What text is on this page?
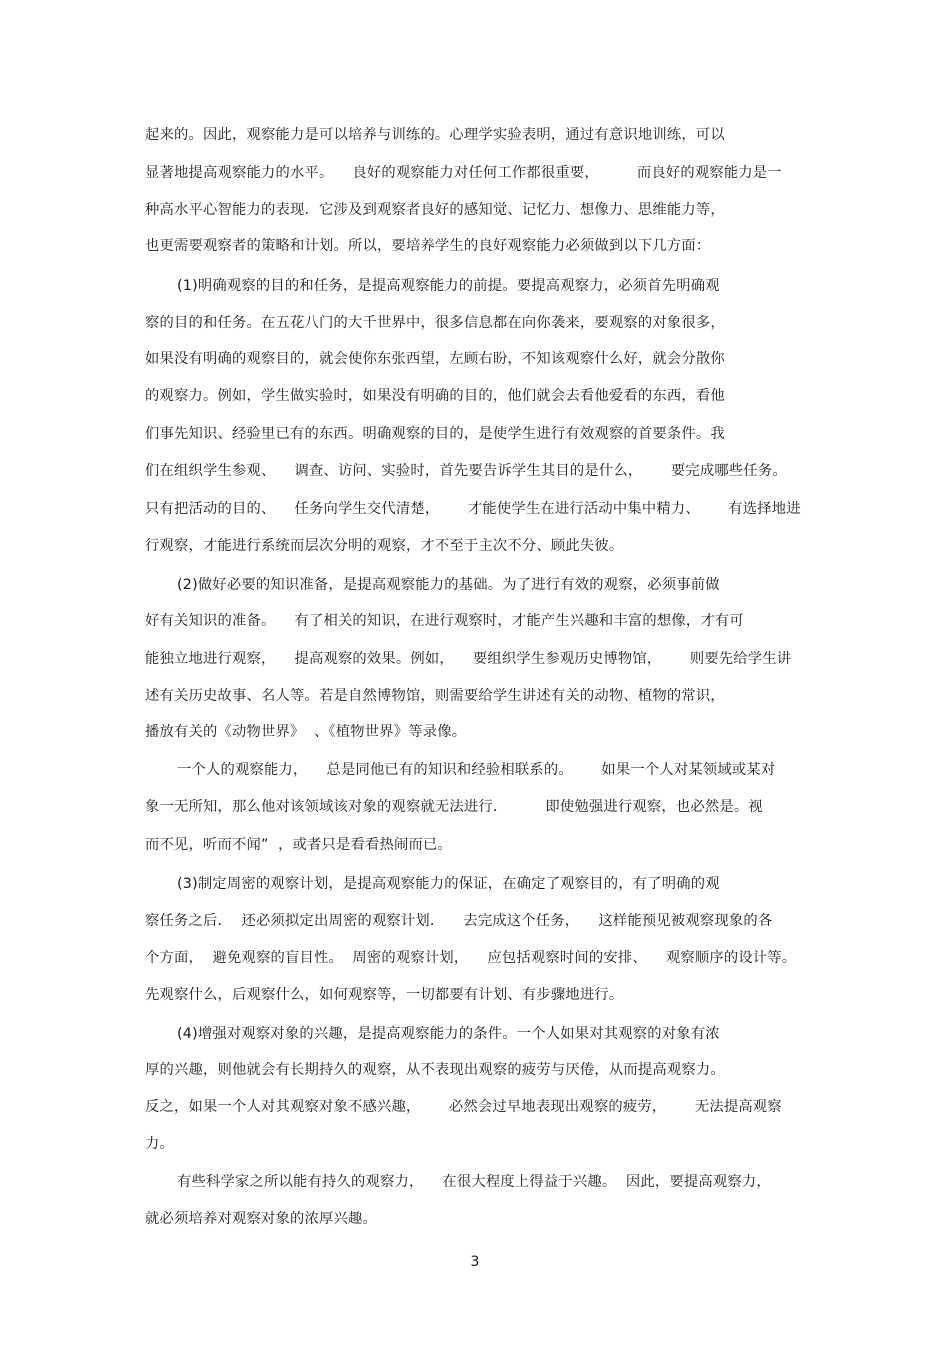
起来的。因此，观察能力是可以培养与训练的。心理学实验表明，通过有意识地训练，可以
显著地提高观察能力的水平。    良好的观察能力对任何工作都很重要，        而良好的观察能力是一
种高水平心智能力的表现．它涉及到观察者良好的感知觉、记忆力、想像力、思维能力等，
也更需要观察者的策略和计划。所以，要培养学生的良好观察能力必须做到以下几方面：
(1)明确观察的目的和任务，是提高观察能力的前提。要提高观察力，必须首先明确观
察的目的和任务。在五花八门的大千世界中，很多信息都在向你袭来，要观察的对象很多，
如果没有明确的观察目的，就会使你东张西望，左顾右盼，不知该观察什么好，就会分散你
的观察力。例如，学生做实验时，如果没有明确的目的，他们就会去看他爱看的东西，看他
们事先知识、经验里已有的东西。明确观察的目的，是使学生进行有效观察的首要条件。我
们在组织学生参观、    调查、访问、实验时，首先要告诉学生其目的是什么，      要完成哪些任务。
只有把活动的目的、    任务向学生交代清楚，      才能使学生在进行活动中集中精力、      有选择地进
行观察，才能进行系统而层次分明的观察，才不至于主次不分、顾此失彼。
(2)做好必要的知识准备，是提高观察能力的基础。为了进行有效的观察，必须事前做
好有关知识的准备。    有了相关的知识，在进行观察时，才能产生兴趣和丰富的想像，才有可
能独立地进行观察，    提高观察的效果。例如，    要组织学生参观历史博物馆，      则要先给学生讲
述有关历史故事、名人等。若是自然博物馆，则需要给学生讲述有关的动物、植物的常识，
播放有关的《动物世界》  、《植物世界》等录像。
一个人的观察能力，    总是同他已有的知识和经验相联系的。      如果一个人对某领域或某对
象一无所知，那么他对该领域该对象的观察就无法进行．        即使勉强进行观察，也必然是。视
而不见，听而不闻”  ，或者只是看看热闹而已。
(3)制定周密的观察计划，是提高观察能力的保证，在确定了观察目的，有了明确的观
察任务之后．  还必须拟定出周密的观察计划．    去完成这个任务，    这样能预见被观察现象的各
个方面，  避免观察的盲目性。  周密的观察计划，    应包括观察时间的安排、    观察顺序的设计等。
先观察什么，后观察什么，如何观察等，一切都要有计划、有步骤地进行。
(4)增强对观察对象的兴趣，是提高观察能力的条件。一个人如果对其观察的对象有浓
厚的兴趣，则他就会有长期持久的观察，从不表现出观察的疲劳与厌倦，从而提高观察力。
反之，如果一个人对其观察对象不感兴趣，      必然会过早地表现出观察的疲劳，      无法提高观察
力。
有些科学家之所以能有持久的观察力，    在很大程度上得益于兴趣。  因此，要提高观察力，
就必须培养对观察对象的浓厚兴趣。
3
